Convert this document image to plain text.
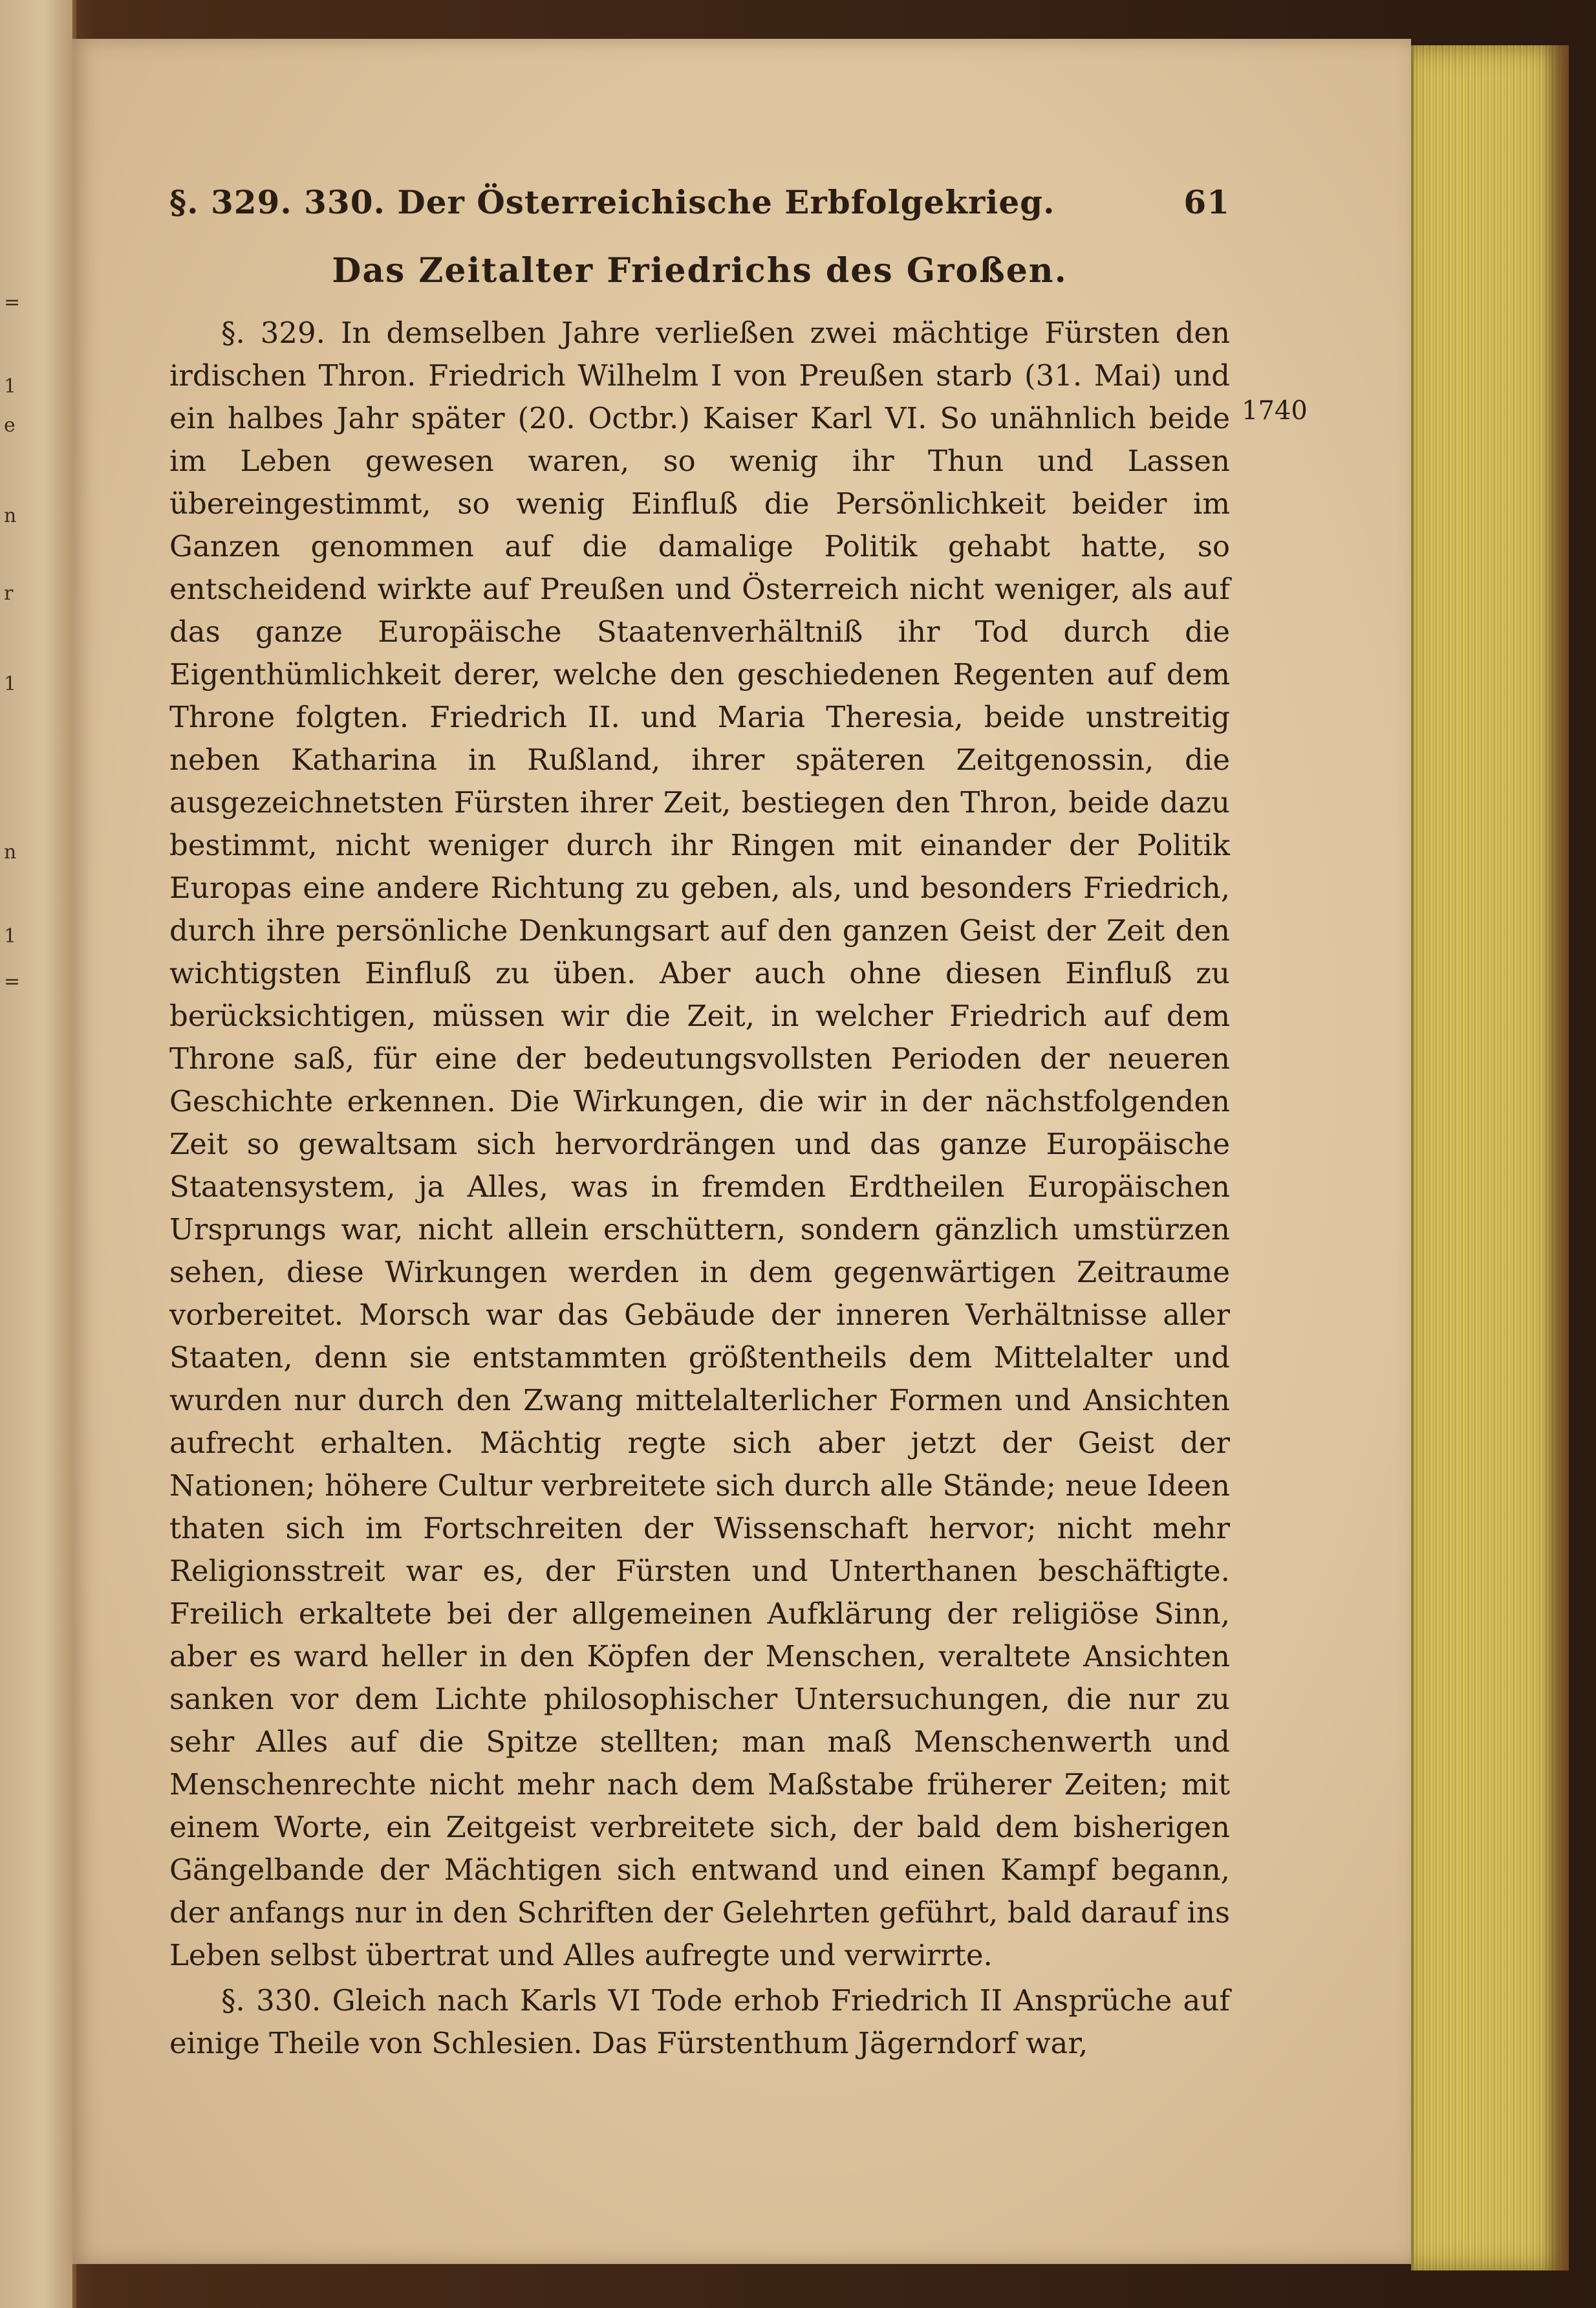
=
1
e
n
r
1
n
1
=
§. 329. 330. Der Österreichische Erbfolgekrieg.	61
Das Zeitalter Friedrichs des Großen.

§. 329. In demselben Jahre verließen zwei mächtige Fürsten den irdischen Thron. Friedrich Wilhelm I von Preußen starb (31. Mai) und ein halbes Jahr später (20. Octbr.) Kaiser Karl VI. So unähnlich beide im Leben gewesen waren, so wenig ihr Thun und Lassen übereingestimmt, so wenig Einfluß die Persönlichkeit beider im Ganzen genommen auf die damalige Politik gehabt hatte, so entscheidend wirkte auf Preußen und Österreich nicht weniger, als auf das ganze Europäische Staatenverhältniß ihr Tod durch die Eigenthümlichkeit derer, welche den geschiedenen Regenten auf dem Throne folgten. Friedrich II. und Maria Theresia, beide unstreitig neben Katharina in Rußland, ihrer späteren Zeitgenossin, die ausgezeichnetsten Fürsten ihrer Zeit, bestiegen den Thron, beide dazu bestimmt, nicht weniger durch ihr Ringen mit einander der Politik Europas eine andere Richtung zu geben, als, und besonders Friedrich, durch ihre persönliche Denkungsart auf den ganzen Geist der Zeit den wichtigsten Einfluß zu üben. Aber auch ohne diesen Einfluß zu berücksichtigen, müssen wir die Zeit, in welcher Friedrich auf dem Throne saß, für eine der bedeutungsvollsten Perioden der neueren Geschichte erkennen. Die Wirkungen, die wir in der nächstfolgenden Zeit so gewaltsam sich hervordrängen und das ganze Europäische Staatensystem, ja Alles, was in fremden Erdtheilen Europäischen Ursprungs war, nicht allein erschüttern, sondern gänzlich umstürzen sehen, diese Wirkungen werden in dem gegenwärtigen Zeitraume vorbereitet. Morsch war das Gebäude der inneren Verhältnisse aller Staaten, denn sie entstammten größtentheils dem Mittelalter und wurden nur durch den Zwang mittelalterlicher Formen und Ansichten aufrecht erhalten. Mächtig regte sich aber jetzt der Geist der Nationen; höhere Cultur verbreitete sich durch alle Stände; neue Ideen thaten sich im Fortschreiten der Wissenschaft hervor; nicht mehr Religionsstreit war es, der Fürsten und Unterthanen beschäftigte. Freilich erkaltete bei der allgemeinen Aufklärung der religiöse Sinn, aber es ward heller in den Köpfen der Menschen, veraltete Ansichten sanken vor dem Lichte philosophischer Untersuchungen, die nur zu sehr Alles auf die Spitze stellten; man maß Menschenwerth und Menschenrechte nicht mehr nach dem Maßstabe früherer Zeiten; mit einem Worte, ein Zeitgeist verbreitete sich, der bald dem bisherigen Gängelbande der Mächtigen sich entwand und einen Kampf begann, der anfangs nur in den Schriften der Gelehrten geführt, bald darauf ins Leben selbst übertrat und Alles aufregte und verwirrte.

§. 330. Gleich nach Karls VI Tode erhob Friedrich II Ansprüche auf einige Theile von Schlesien. Das Fürstenthum Jägerndorf war,

1740
